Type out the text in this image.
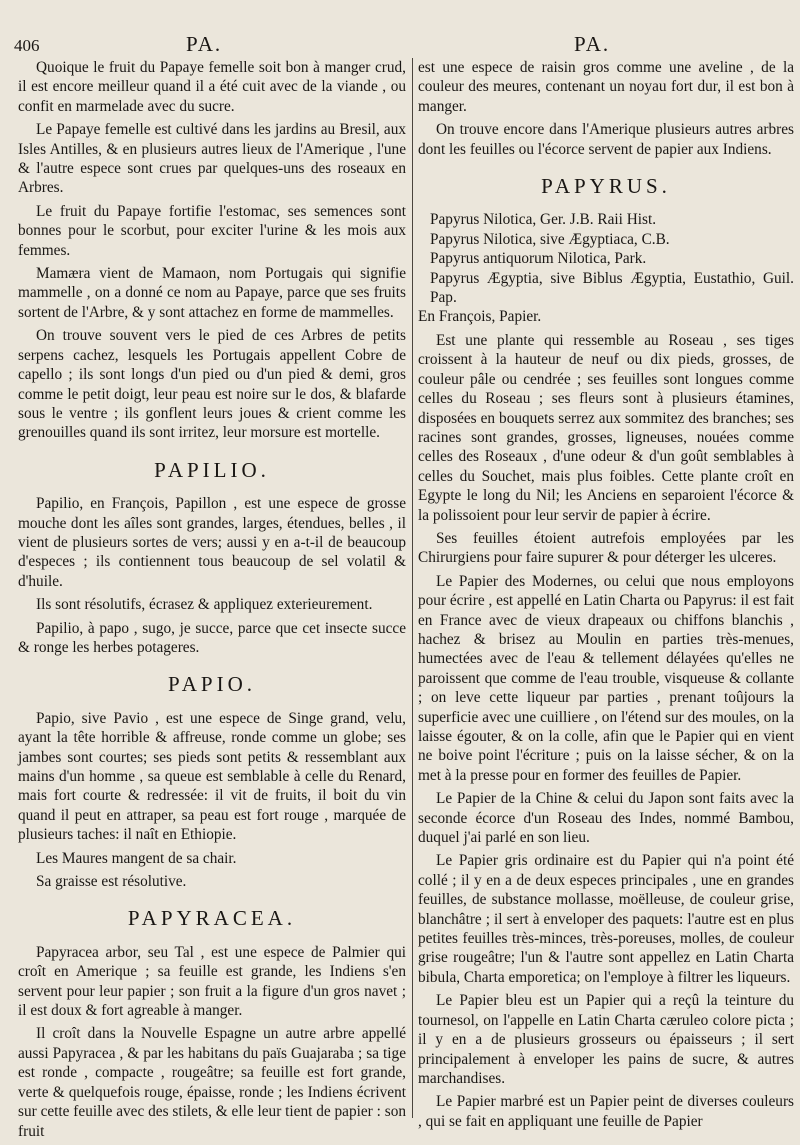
406	PA.	PA.

Quoique le fruit du Papaye femelle soit bon à manger crud, il est encore meilleur quand il a été cuit avec de la viande , ou confit en marmelade avec du sucre.

Le Papaye femelle est cultivé dans les jardins au Bresil, aux Isles Antilles, & en plusieurs autres lieux de l'Amerique , l'une & l'autre espece sont crues par quelques-uns des roseaux en Arbres.

Le fruit du Papaye fortifie l'estomac, ses semences sont bonnes pour le scorbut, pour exciter l'urine & les mois aux femmes.

Mamæra vient de Mamaon, nom Portugais qui signifie mammelle , on a donné ce nom au Papaye, parce que ses fruits sortent de l'Arbre, & y sont attachez en forme de mammelles.

On trouve souvent vers le pied de ces Arbres de petits serpens cachez, lesquels les Portugais appellent Cobre de capello ; ils sont longs d'un pied ou d'un pied & demi, gros comme le petit doigt, leur peau est noire sur le dos, & blafarde sous le ventre ; ils gonflent leurs joues & crient comme les grenouilles quand ils sont irritez, leur morsure est mortelle.

PAPILIO.

Papilio, en François, Papillon , est une espece de grosse mouche dont les aîles sont grandes, larges, étendues, belles , il vient de plusieurs sortes de vers; aussi y en a-t-il de beaucoup d'especes ; ils contiennent tous beaucoup de sel volatil & d'huile.

Ils sont résolutifs, écrasez & appliquez exterieurement.

Papilio, à papo , sugo, je succe, parce que cet insecte succe & ronge les herbes potageres.

PAPIO.

Papio, sive Pavio , est une espece de Singe grand, velu, ayant la tête horrible & affreuse, ronde comme un globe; ses jambes sont courtes; ses pieds sont petits & ressemblant aux mains d'un homme , sa queue est semblable à celle du Renard, mais fort courte & redressée: il vit de fruits, il boit du vin quand il peut en attraper, sa peau est fort rouge , marquée de plusieurs taches: il naît en Ethiopie.

Les Maures mangent de sa chair.

Sa graisse est résolutive.

PAPYRACEA.

Papyracea arbor, seu Tal , est une espece de Palmier qui croît en Amerique ; sa feuille est grande, les Indiens s'en servent pour leur papier ; son fruit a la figure d'un gros navet ; il est doux & fort agreable à manger.

Il croît dans la Nouvelle Espagne un autre arbre appellé aussi Papyracea , & par les habitans du païs Guajaraba ; sa tige est ronde , compacte , rougeâtre; sa feuille est fort grande, verte & quelquefois rouge, épaisse, ronde ; les Indiens écrivent sur cette feuille avec des stilets, & elle leur tient de papier : son fruit

est une espece de raisin gros comme une aveline , de la couleur des meures, contenant un noyau fort dur, il est bon à manger.

On trouve encore dans l'Amerique plusieurs autres arbres dont les feuilles ou l'écorce servent de papier aux Indiens.

PAPYRUS.

Papyrus Nilotica, Ger. J.B. Raii Hist.

Papyrus Nilotica, sive Ægyptiaca, C.B.

Papyrus antiquorum Nilotica, Park.

Papyrus Ægyptia, sive Biblus Ægyptia, Eustathio, Guil. Pap.

En François, Papier.

Est une plante qui ressemble au Roseau , ses tiges croissent à la hauteur de neuf ou dix pieds, grosses, de couleur pâle ou cendrée ; ses feuilles sont longues comme celles du Roseau ; ses fleurs sont à plusieurs étamines, disposées en bouquets serrez aux sommitez des branches; ses racines sont grandes, grosses, ligneuses, nouées comme celles des Roseaux , d'une odeur & d'un goût semblables à celles du Souchet, mais plus foibles. Cette plante croît en Egypte le long du Nil; les Anciens en separoient l'écorce & la polissoient pour leur servir de papier à écrire.

Ses feuilles étoient autrefois employées par les Chirurgiens pour faire supurer & pour déterger les ulceres.

Le Papier des Modernes, ou celui que nous employons pour écrire , est appellé en Latin Charta ou Papyrus: il est fait en France avec de vieux drapeaux ou chiffons blanchis , hachez & brisez au Moulin en parties très-menues, humectées avec de l'eau & tellement délayées qu'elles ne paroissent que comme de l'eau trouble, visqueuse & collante ; on leve cette liqueur par parties , prenant toûjours la superficie avec une cuilliere , on l'étend sur des moules, on la laisse égouter, & on la colle, afin que le Papier qui en vient ne boive point l'écriture ; puis on la laisse sécher, & on la met à la presse pour en former des feuilles de Papier.

Le Papier de la Chine & celui du Japon sont faits avec la seconde écorce d'un Roseau des Indes, nommé Bambou, duquel j'ai parlé en son lieu.

Le Papier gris ordinaire est du Papier qui n'a point été collé ; il y en a de deux especes principales , une en grandes feuilles, de substance mollasse, moëlleuse, de couleur grise, blanchâtre ; il sert à enveloper des paquets: l'autre est en plus petites feuilles très-minces, très-poreuses, molles, de couleur grise rougeâtre; l'un & l'autre sont appellez en Latin Charta bibula, Charta emporetica; on l'employe à filtrer les liqueurs.

Le Papier bleu est un Papier qui a reçû la teinture du tournesol, on l'appelle en Latin Charta cæruleo colore picta ; il y en a de plusieurs grosseurs ou épaisseurs ; il sert principalement à enveloper les pains de sucre, & autres marchandises.

Le Papier marbré est un Papier peint de diverses couleurs , qui se fait en appliquant une feuille de Papier
